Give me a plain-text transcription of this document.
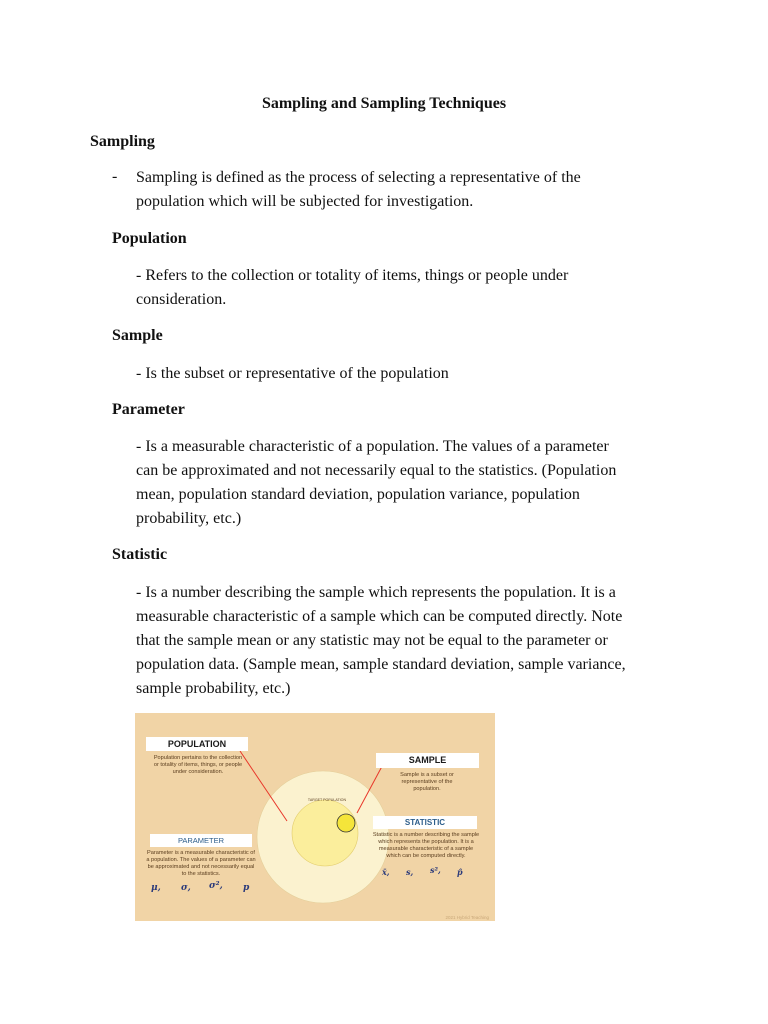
Sampling and Sampling Techniques
Sampling
- Sampling is defined as the process of selecting a representative of the
population which will be subjected for investigation.
Population
- Refers to the collection or totality of items, things or people under
consideration.
Sample
- Is the subset or representative of the population
Parameter
- Is a measurable characteristic of a population. The values of a parameter
can be approximated and not necessarily equal to the statistics. (Population
mean, population standard deviation, population variance, population
probability, etc.)
Statistic
- Is a number describing the sample which represents the population. It is a
measurable characteristic of a sample which can be computed directly. Note
that the sample mean or any statistic may not be equal to the parameter or
population data. (Sample mean, sample standard deviation, sample variance,
sample probability, etc.)
TARGET POPULATION
POPULATION
Population pertains to the collection
or totality of items, things, or people
under consideration.
SAMPLE
Sample is a subset or
representative of the
population.
PARAMETER
Parameter is a measurable characteristic of
a population. The values of a parameter can
be approximated and not necessarily equal
to the statistics.
μ, σ, σ², p
STATISTIC
Statistic is a number describing the sample
which represents the population. It is a
measurable characteristic of a sample
which can be computed directly.
x̄, s, s², p̂
2021 Hybrid Teaching
